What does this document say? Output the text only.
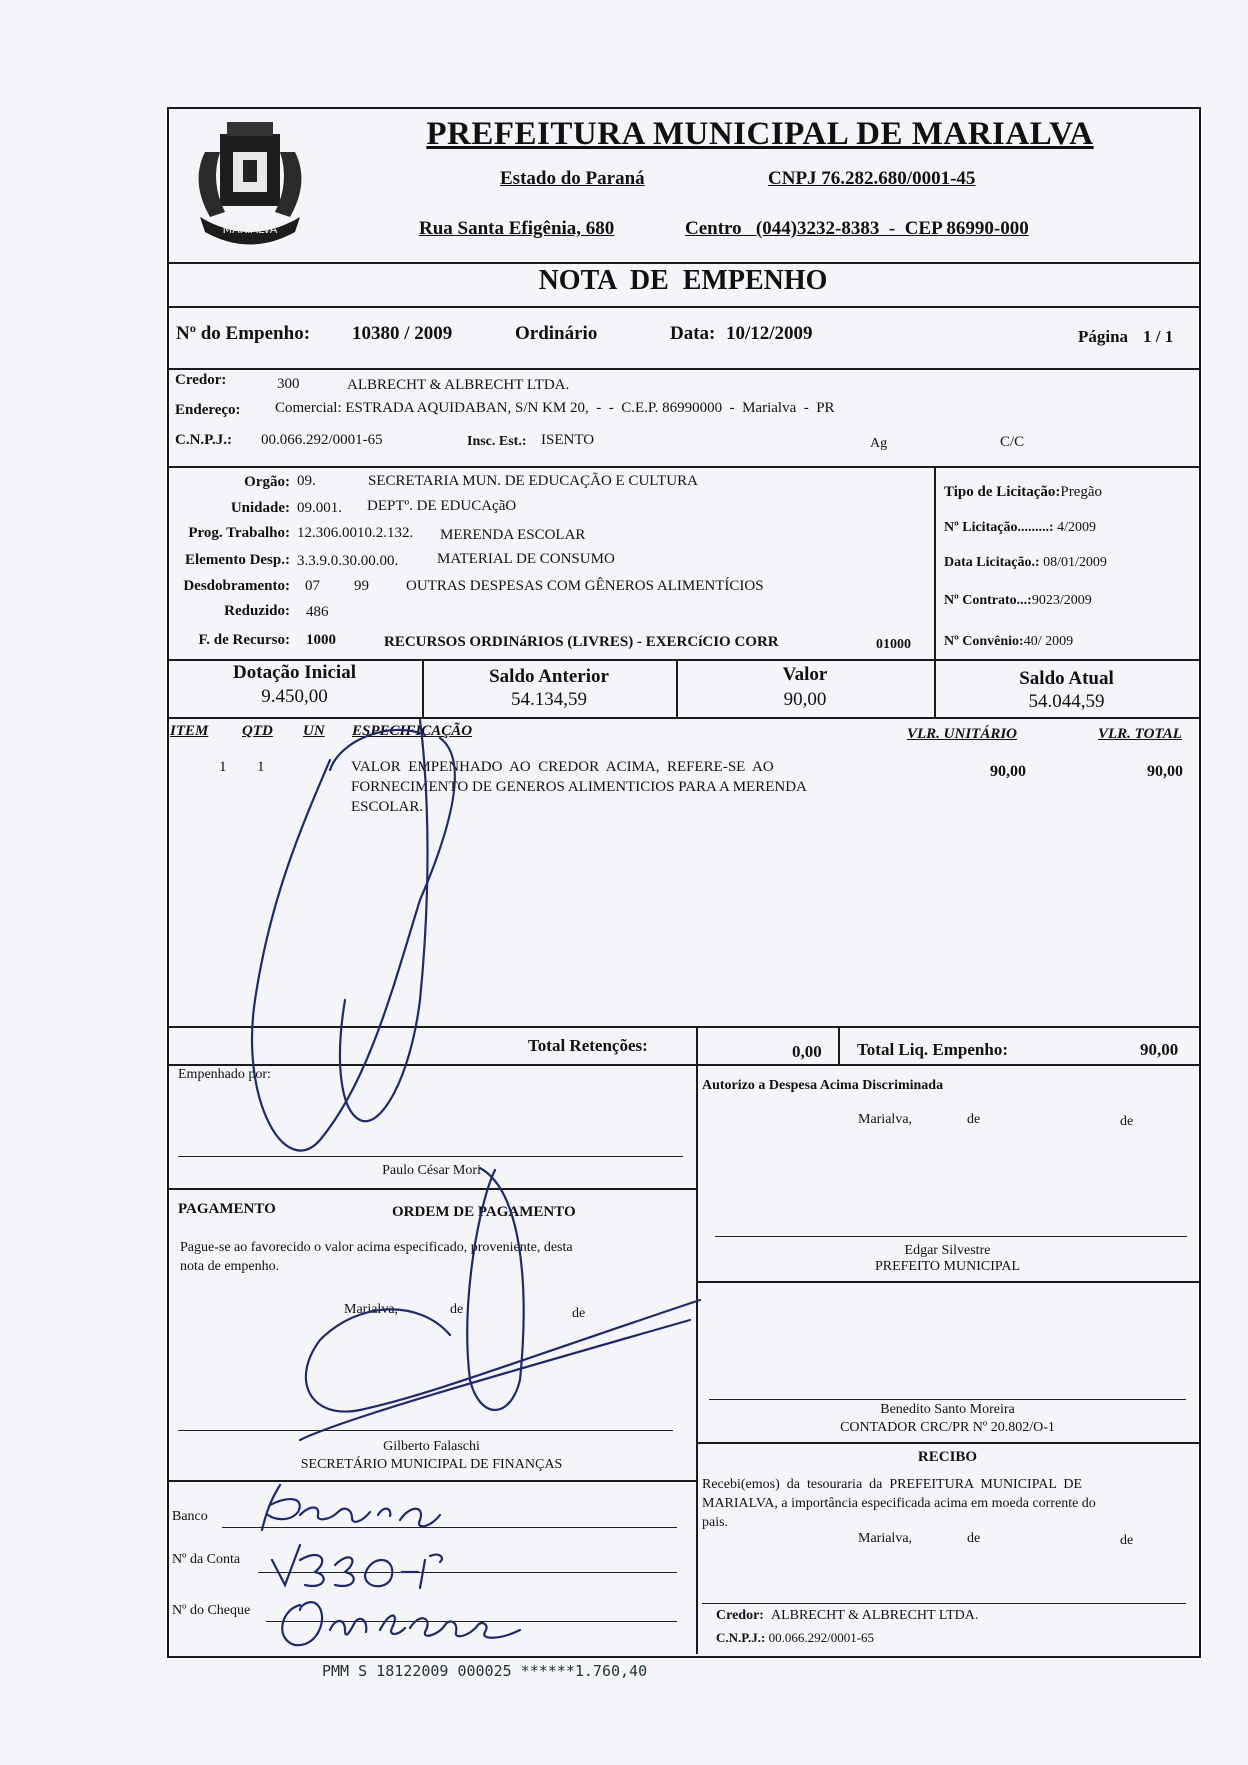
MARIALVA
PREFEITURA MUNICIPAL DE MARIALVA
Estado do Paraná	CNPJ 76.282.680/0001-45
Rua Santa Efigênia, 680	Centro   (044)3232-8383  -  CEP 86990-000
NOTA  DE  EMPENHO
Nº do Empenho: 10380 / 2009	Ordinário	Data: 10/12/2009	Página 1 / 1
Credor:	300	ALBRECHT & ALBRECHT LTDA.
Endereço: Comercial: ESTRADA AQUIDABAN, S/N KM 20,  -  -  C.E.P. 86990000  -  Marialva  -  PR
C.N.P.J.: 00.066.292/0001-65	Insc. Est.: ISENTO	Ag	C/C
Orgão: 09.	SECRETARIA MUN. DE EDUCAÇÃO E CULTURA
Unidade: 09.001. DEPTº. DE EDUCAçãO
Prog. Trabalho: 12.306.0010.2.132. MERENDA ESCOLAR
Elemento Desp.: 3.3.9.0.30.00.00.	MATERIAL DE CONSUMO
Desdobramento: 07 99 OUTRAS DESPESAS COM GÊNEROS ALIMENTÍCIOS
Reduzido: 486
F. de Recurso: 1000	RECURSOS ORDINáRIOS (LIVRES) - EXERCíCIO CORR	01000
Tipo de Licitação:Pregão
Nº Licitação.........: 4/2009
Data Licitação.: 08/01/2009
Nº Contrato...:9023/2009
Nº Convênio:40/ 2009
Dotação Inicial
9.450,00
Saldo Anterior
54.134,59
Valor
90,00
Saldo Atual
54.044,59
ITEM QTD UN ESPECIFICAÇÃO	VLR. UNITÁRIO	VLR. TOTAL
1 1	VALOR  EMPENHADO  AO  CREDOR  ACIMA,  REFERE-SE  AO
FORNECIMENTO DE GENEROS ALIMENTICIOS PARA A MERENDA
ESCOLAR.
90,00	90,00
Total Retenções:	0,00 Total Liq. Empenho:	90,00
Empenhado por:
Paulo César Mori
PAGAMENTO	ORDEM DE PAGAMENTO
Pague-se ao favorecido o valor acima especificado, proveniente, desta
nota de empenho.
Marialva,	de	de
Gilberto Falaschi
SECRETÁRIO MUNICIPAL DE FINANÇAS
Banco
Nº da Conta
Nº do Cheque
Autorizo a Despesa Acima Discriminada
Marialva,	de	de
Edgar Silvestre
PREFEITO MUNICIPAL
Benedito Santo Moreira
CONTADOR CRC/PR Nº 20.802/O-1
RECIBO
Recebi(emos)  da  tesouraria  da  PREFEITURA  MUNICIPAL  DE
MARIALVA, a importância especificada acima em moeda corrente do
pais.
Marialva,	de	de
Credor: ALBRECHT & ALBRECHT LTDA.
C.N.P.J.: 00.066.292/0001-65
PMM S 18122009 000025 ******1.760,40
